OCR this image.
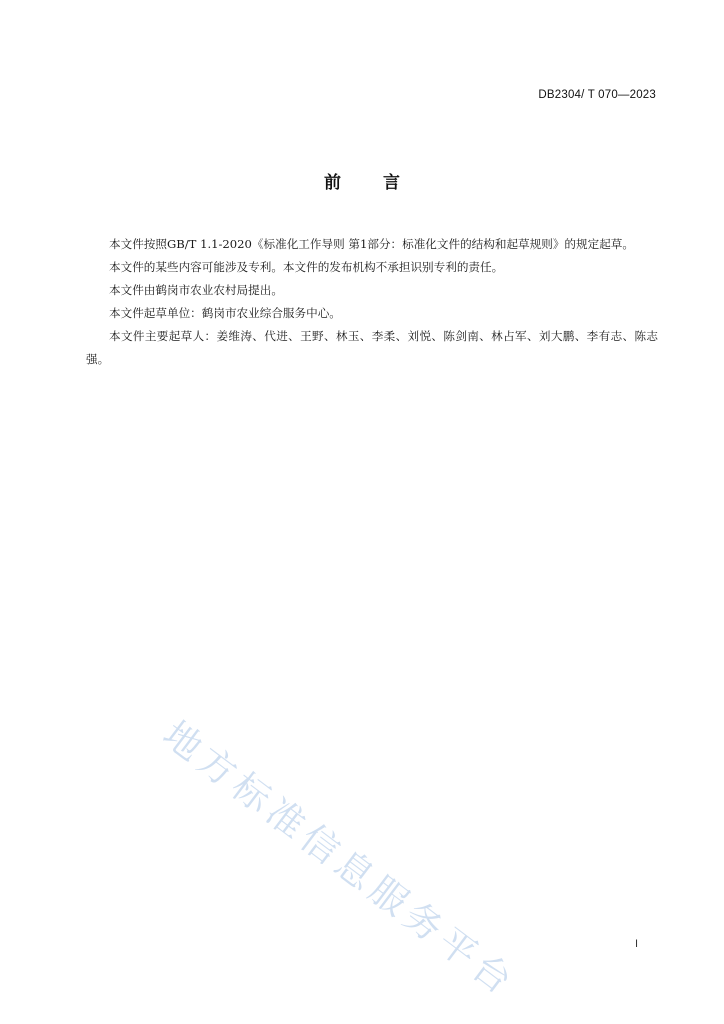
DB2304/ T 070—2023
前 言

本文件按照GB/T 1.1-2020《标准化工作导则 第1部分：标准化文件的结构和起草规则》的规定起草。

本文件的某些内容可能涉及专利。本文件的发布机构不承担识别专利的责任。

本文件由鹤岗市农业农村局提出。

本文件起草单位：鹤岗市农业综合服务中心。

本文件主要起草人：姜维涛、代进、王野、林玉、李柔、刘悦、陈剑南、林占军、刘大鹏、李有志、陈志强。

地方标准信息服务平台	I
